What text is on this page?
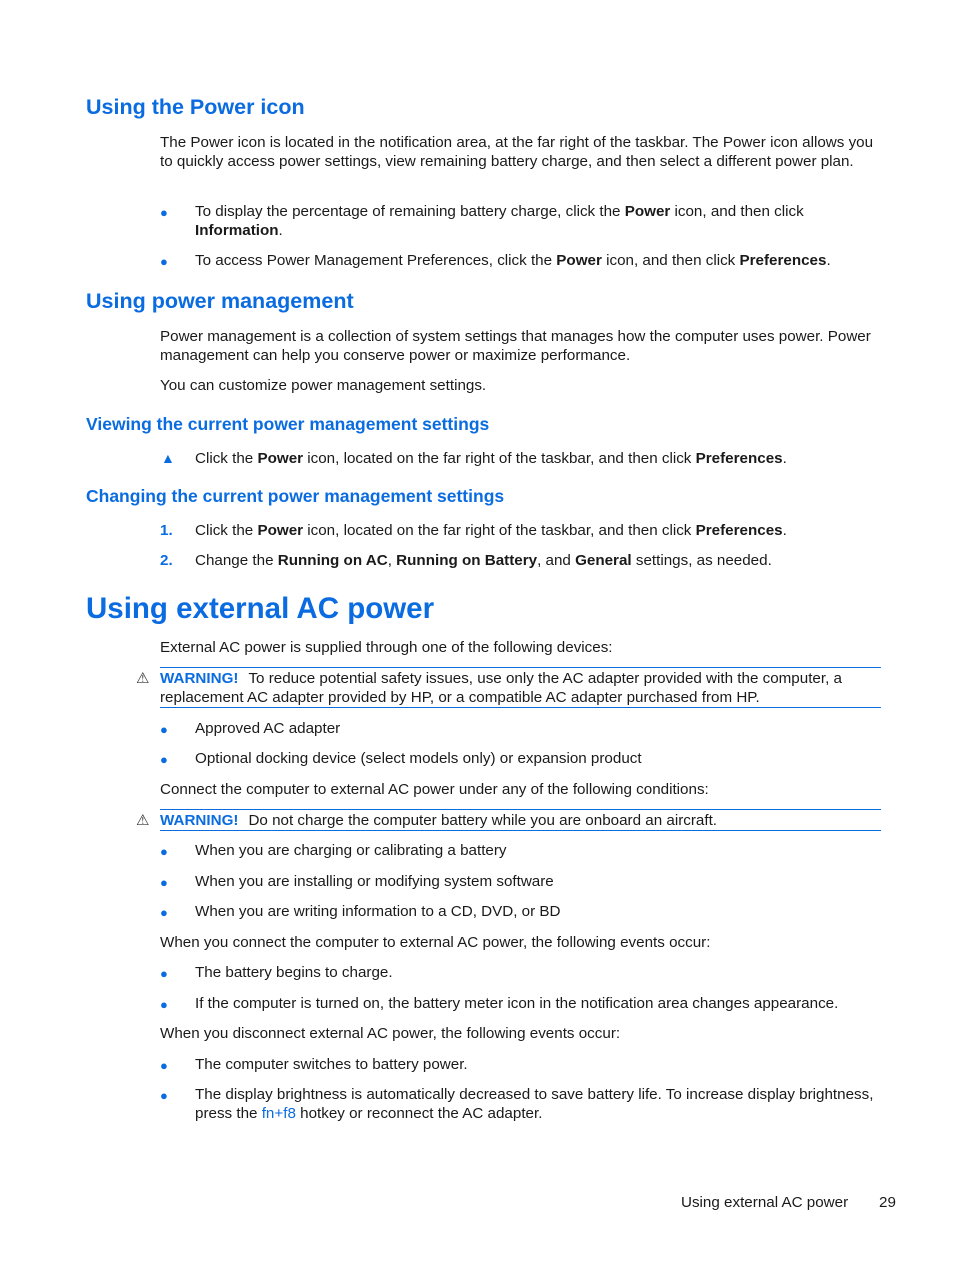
Using the Power icon

The Power icon is located in the notification area, at the far right of the taskbar. The Power icon allows you to quickly access power settings, view remaining battery charge, and then select a different power plan.

●	To display the percentage of remaining battery charge, click the Power icon, and then click
Information.

●	To access Power Management Preferences, click the Power icon, and then click Preferences.

Using power management

Power management is a collection of system settings that manages how the computer uses power. Power management can help you conserve power or maximize performance.

You can customize power management settings.

Viewing the current power management settings
▲ Click the Power icon, located on the far right of the taskbar, and then click Preferences.

Changing the current power management settings
1. Click the Power icon, located on the far right of the taskbar, and then click Preferences.

2. Change the Running on AC, Running on Battery, and General settings, as needed.

Using external AC power

External AC power is supplied through one of the following devices:

⚠ WARNING! To reduce potential safety issues, use only the AC adapter provided with the computer, a replacement AC adapter provided by HP, or a compatible AC adapter purchased from HP.
●	Approved AC adapter

●	Optional docking device (select models only) or expansion product

Connect the computer to external AC power under any of the following conditions:

⚠ WARNING! Do not charge the computer battery while you are onboard an aircraft.
●	When you are charging or calibrating a battery

●	When you are installing or modifying system software

●	When you are writing information to a CD, DVD, or BD

When you connect the computer to external AC power, the following events occur:

●	The battery begins to charge.

●	If the computer is turned on, the battery meter icon in the notification area changes appearance.

When you disconnect external AC power, the following events occur:

●	The computer switches to battery power.

●	The display brightness is automatically decreased to save battery life. To increase display brightness, press the fn+f8 hotkey or reconnect the AC adapter.

Using external AC power 29
